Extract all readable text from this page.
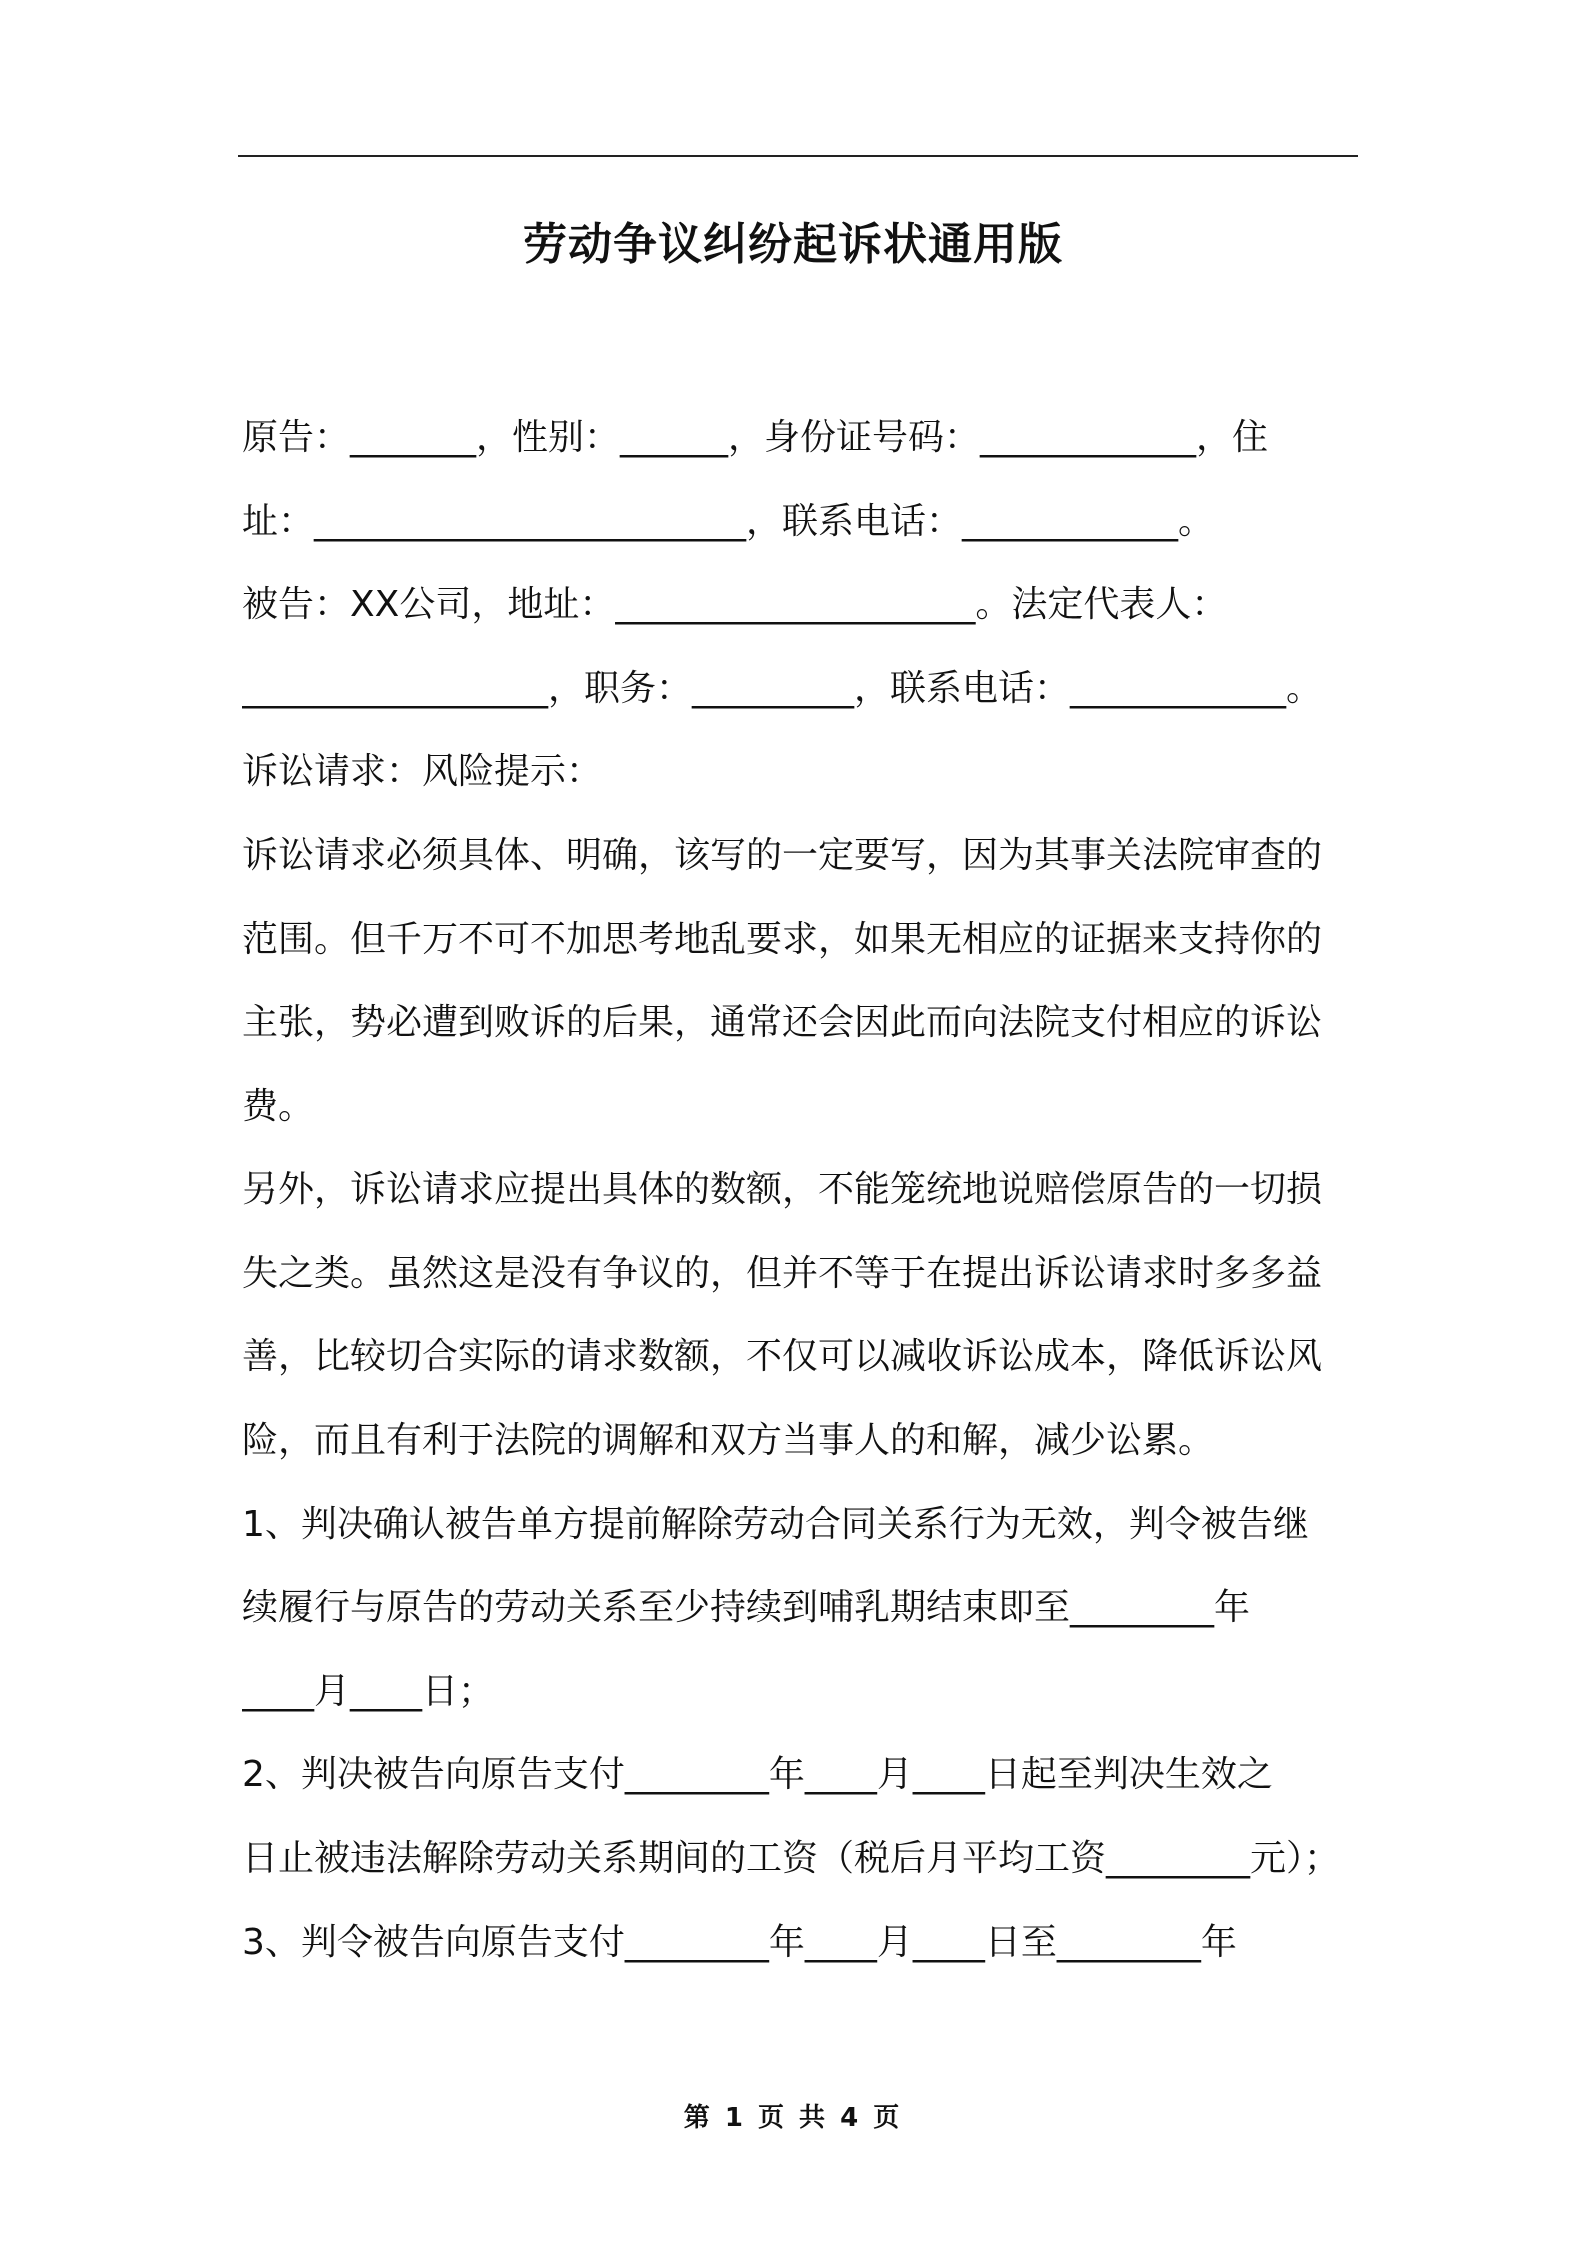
劳动争议纠纷起诉状通用版
原告：_______，性别：______，身份证号码：____________，住
址：________________________，联系电话：____________。
被告：XX公司，地址：____________________。法定代表人：
_________________，职务：_________，联系电话：____________。
诉讼请求：风险提示：
诉讼请求必须具体、明确，该写的一定要写，因为其事关法院审查的
范围。但千万不可不加思考地乱要求，如果无相应的证据来支持你的
主张，势必遭到败诉的后果，通常还会因此而向法院支付相应的诉讼
费。
另外，诉讼请求应提出具体的数额，不能笼统地说赔偿原告的一切损
失之类。虽然这是没有争议的，但并不等于在提出诉讼请求时多多益
善，比较切合实际的请求数额，不仅可以减收诉讼成本，降低诉讼风
险，而且有利于法院的调解和双方当事人的和解，减少讼累。
1、判决确认被告单方提前解除劳动合同关系行为无效，判令被告继
续履行与原告的劳动关系至少持续到哺乳期结束即至________年
____月____日；
2、判决被告向原告支付________年____月____日起至判决生效之
日止被违法解除劳动关系期间的工资（税后月平均工资________元）；
3、判令被告向原告支付________年____月____日至________年
第 1 页 共 4 页
